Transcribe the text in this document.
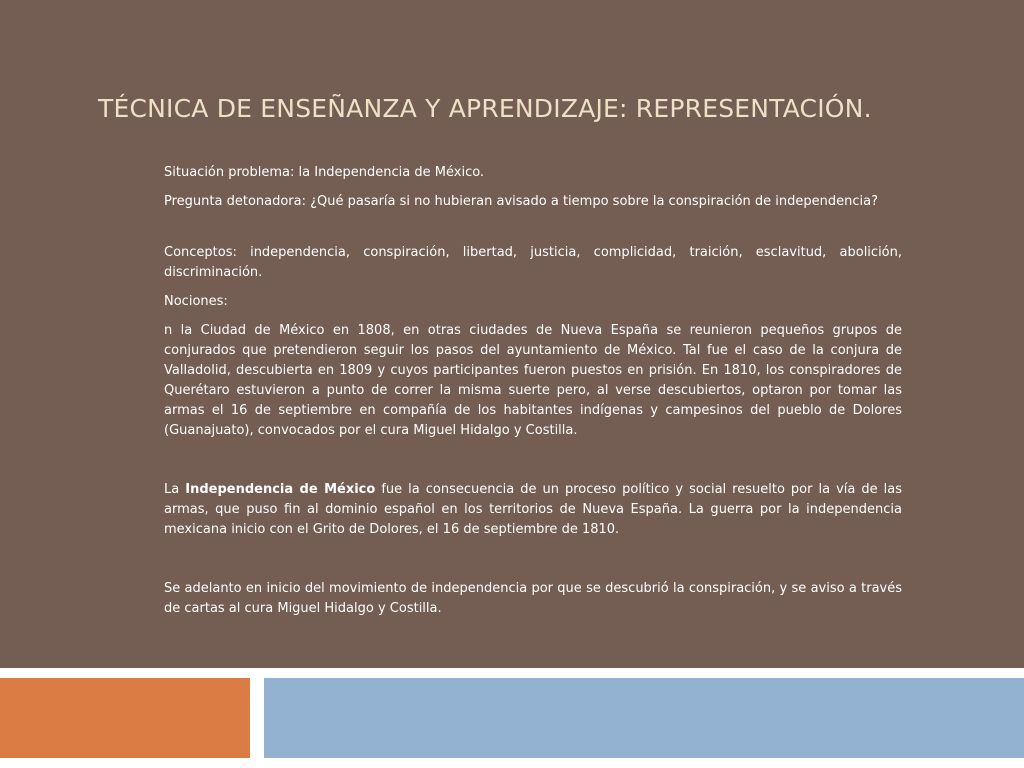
TÉCNICA DE ENSEÑANZA Y APRENDIZAJE: REPRESENTACIÓN.

Situación problema: la Independencia de México.

Pregunta detonadora: ¿Qué pasaría si no hubieran avisado a tiempo sobre la conspiración de independencia?

Conceptos: independencia, conspiración, libertad, justicia, complicidad, traición, esclavitud, abolición, discriminación.

Nociones:

n la Ciudad de México en 1808, en otras ciudades de Nueva España se reunieron pequeños grupos de conjurados que pretendieron seguir los pasos del ayuntamiento de México. Tal fue el caso de la conjura de Valladolid, descubierta en 1809 y cuyos participantes fueron puestos en prisión. En 1810, los conspiradores de Querétaro estuvieron a punto de correr la misma suerte pero, al verse descubiertos, optaron por tomar las armas el 16 de septiembre en compañía de los habitantes indígenas y campesinos del pueblo de Dolores (Guanajuato), convocados por el cura Miguel Hidalgo y Costilla.

La Independencia de México fue la consecuencia de un proceso político y social resuelto por la vía de las armas, que puso fin al dominio español en los territorios de Nueva España. La guerra por la independencia mexicana inicio con el Grito de Dolores, el 16 de septiembre de 1810.

Se adelanto en inicio del movimiento de independencia por que se descubrió la conspiración, y se aviso a través de cartas al cura Miguel Hidalgo y Costilla.
